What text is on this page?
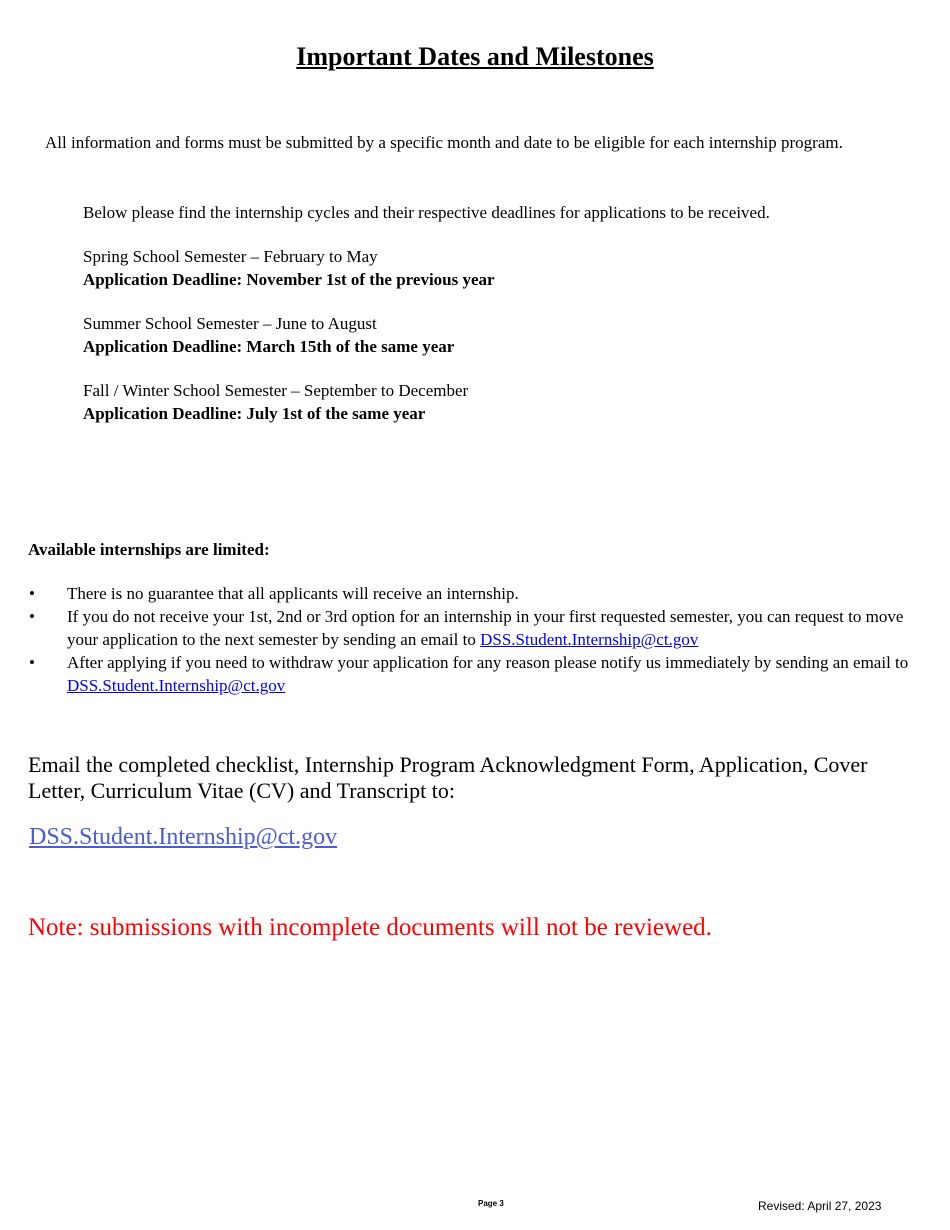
Important Dates and Milestones
All information and forms must be submitted by a specific month and date to be eligible for each internship program.

Below please find the internship cycles and their respective deadlines for applications to be received.

Spring School Semester – February to May

Application Deadline: November 1st of the previous year

Summer School Semester – June to August

Application Deadline: March 15th of the same year

Fall / Winter School Semester – September to December

Application Deadline: July 1st of the same year

Available internships are limited:
There is no guarantee that all applicants will receive an internship.
If you do not receive your 1st, 2nd or 3rd option for an internship in your first requested semester, you can request to move your application to the next semester by sending an email to DSS.Student.Internship@ct.gov
After applying if you need to withdraw your application for any reason please notify us immediately by sending an email to DSS.Student.Internship@ct.gov
Email the completed checklist, Internship Program Acknowledgment Form, Application, Cover Letter, Curriculum Vitae (CV) and Transcript to:
DSS.Student.Internship@ct.gov
Note: submissions with incomplete documents will not be reviewed.
Page 3	Revised: April 27, 2023
